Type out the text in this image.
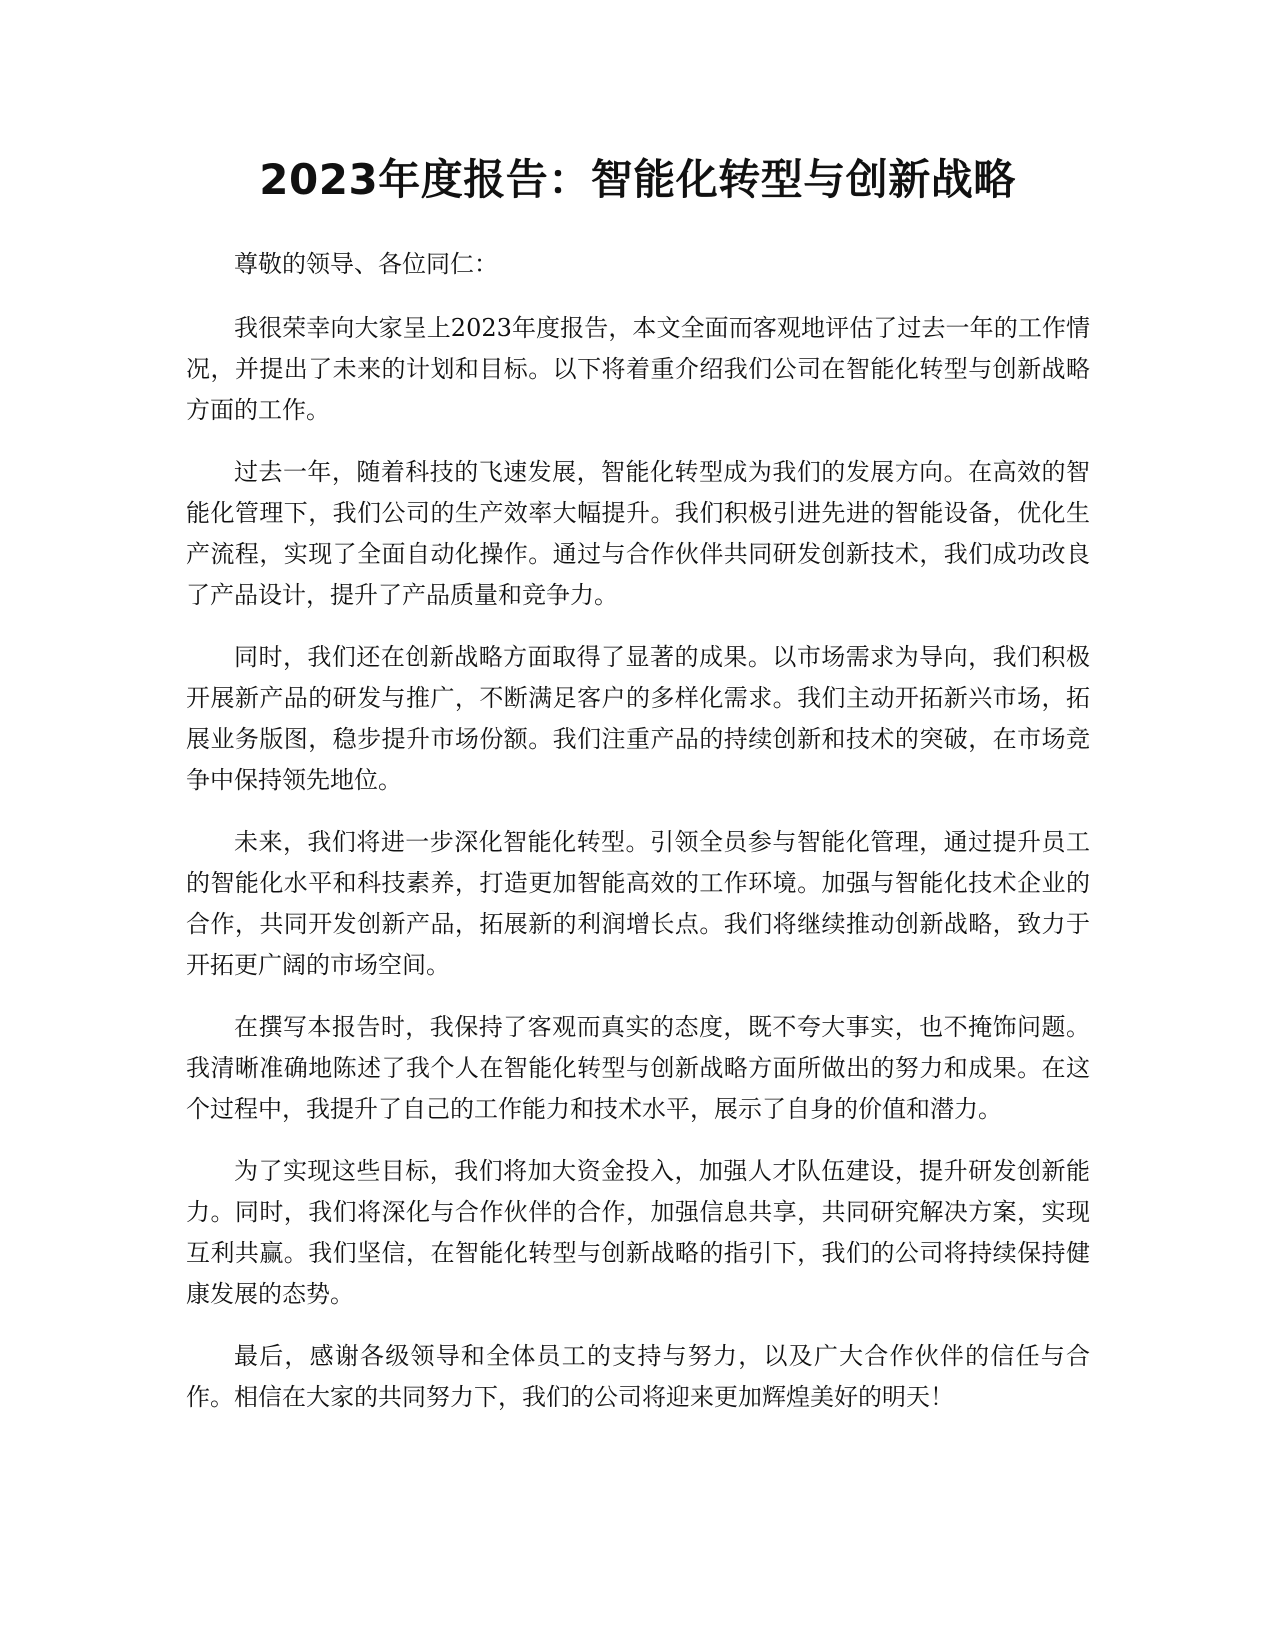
2023年度报告：智能化转型与创新战略

尊敬的领导、各位同仁：

我很荣幸向大家呈上2023年度报告，本文全面而客观地评估了过去一年的工作情况，并提出了未来的计划和目标。以下将着重介绍我们公司在智能化转型与创新战略方面的工作。

过去一年，随着科技的飞速发展，智能化转型成为我们的发展方向。在高效的智能化管理下，我们公司的生产效率大幅提升。我们积极引进先进的智能设备，优化生产流程，实现了全面自动化操作。通过与合作伙伴共同研发创新技术，我们成功改良了产品设计，提升了产品质量和竞争力。

同时，我们还在创新战略方面取得了显著的成果。以市场需求为导向，我们积极开展新产品的研发与推广，不断满足客户的多样化需求。我们主动开拓新兴市场，拓展业务版图，稳步提升市场份额。我们注重产品的持续创新和技术的突破，在市场竞争中保持领先地位。

未来，我们将进一步深化智能化转型。引领全员参与智能化管理，通过提升员工的智能化水平和科技素养，打造更加智能高效的工作环境。加强与智能化技术企业的合作，共同开发创新产品，拓展新的利润增长点。我们将继续推动创新战略，致力于开拓更广阔的市场空间。

在撰写本报告时，我保持了客观而真实的态度，既不夸大事实，也不掩饰问题。我清晰准确地陈述了我个人在智能化转型与创新战略方面所做出的努力和成果。在这个过程中，我提升了自己的工作能力和技术水平，展示了自身的价值和潜力。

为了实现这些目标，我们将加大资金投入，加强人才队伍建设，提升研发创新能力。同时，我们将深化与合作伙伴的合作，加强信息共享，共同研究解决方案，实现互利共赢。我们坚信，在智能化转型与创新战略的指引下，我们的公司将持续保持健康发展的态势。

最后，感谢各级领导和全体员工的支持与努力，以及广大合作伙伴的信任与合作。相信在大家的共同努力下，我们的公司将迎来更加辉煌美好的明天！
